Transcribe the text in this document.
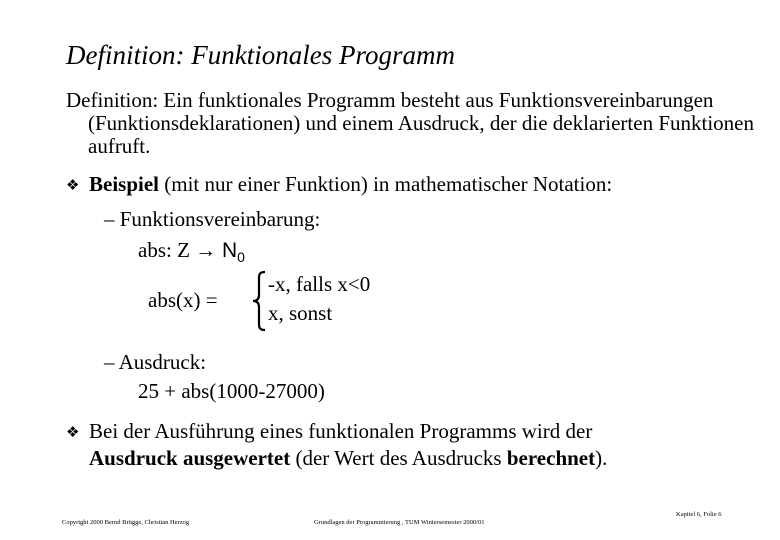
Definition: Funktionales Programm
Definition: Ein funktionales Programm besteht aus Funktionsvereinbarungen (Funktionsdeklarationen) und einem Ausdruck, der die deklarierten Funktionen aufruft.
❖ Beispiel (mit nur einer Funktion) in mathematischer Notation:
– Funktionsvereinbarung:
abs: $Z \to N_0$
abs(x) =
-x, falls x<0
x, sonst
– Ausdruck:
25 + abs(1000-27000)
❖ Bei der Ausführung eines funktionalen Programms wird der
Ausdruck ausgewertet (der Wert des Ausdrucks berechnet).
Copyright 2000 Bernd Brügge, Christian Herzog	Grundlagen der Programmierung , TUM Wintersemester 2000/01
Kapitel 6, Folie 6
